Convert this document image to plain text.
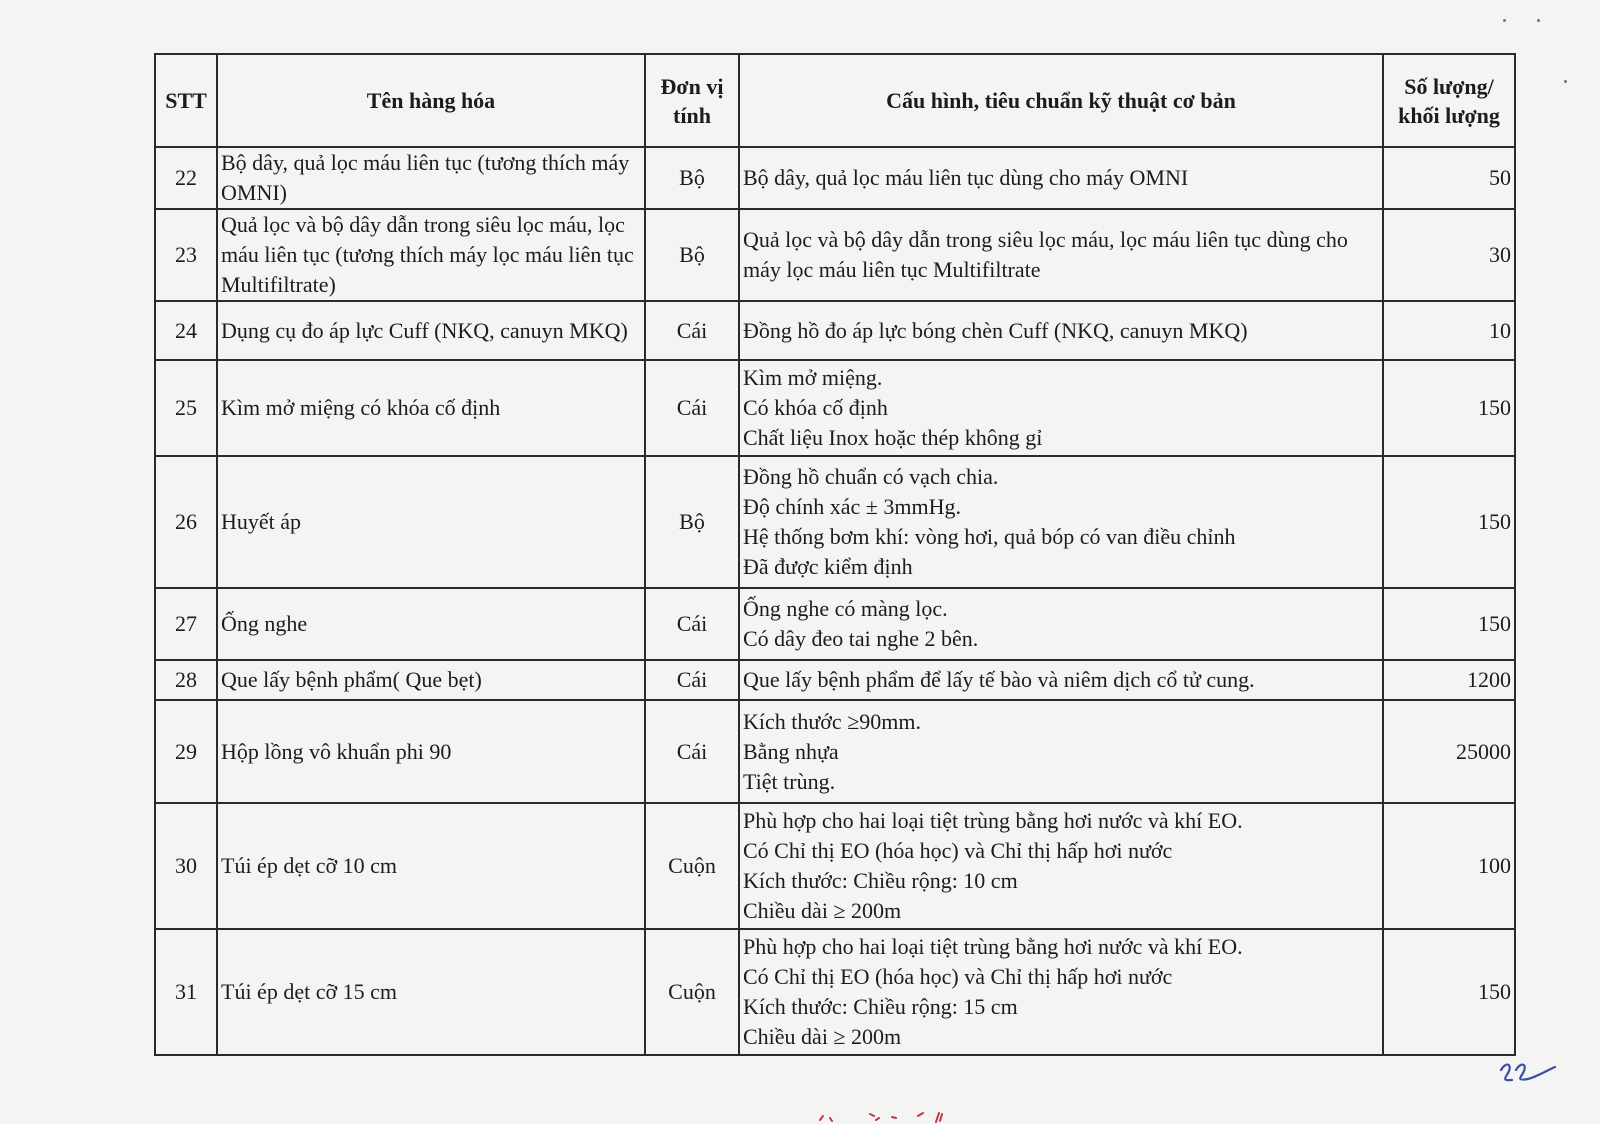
STT	Tên hàng hóa	Đơn vị tính	Cấu hình, tiêu chuẩn kỹ thuật cơ bản	Số lượng/ khối lượng
22	Bộ dây, quả lọc máu liên tục (tương thích máy OMNI)	Bộ	Bộ dây, quả lọc máu liên tục dùng cho máy OMNI	50
23	Quả lọc và bộ dây dẫn trong siêu lọc máu, lọc máu liên tục (tương thích máy lọc máu liên tục Multifiltrate)	Bộ	Quả lọc và bộ dây dẫn trong siêu lọc máu, lọc máu liên tục dùng cho máy lọc máu liên tục Multifiltrate	30
24	Dụng cụ đo áp lực Cuff (NKQ, canuyn MKQ)	Cái	Đồng hồ đo áp lực bóng chèn Cuff (NKQ, canuyn MKQ)	10
25	Kìm mở miệng có khóa cố định	Cái	Kìm mở miệng.
Có khóa cố định
Chất liệu Inox hoặc thép không gỉ	150
26	Huyết áp	Bộ	Đồng hồ chuẩn có vạch chia.
Độ chính xác ± 3mmHg.
Hệ thống bơm khí: vòng hơi, quả bóp có van điều chỉnh
Đã được kiểm định	150
27	Ống nghe	Cái	Ống nghe có màng lọc.
Có dây đeo tai nghe 2 bên.	150
28	Que lấy bệnh phẩm( Que bẹt)	Cái	Que lấy bệnh phẩm để lấy tế bào và niêm dịch cổ tử cung.	1200
29	Hộp lồng vô khuẩn phi 90	Cái	Kích thước ≥90mm.
Bằng nhựa
Tiệt trùng.	25000
30	Túi ép dẹt cỡ 10 cm	Cuộn	Phù hợp cho hai loại tiệt trùng bằng hơi nước và khí EO.
Có Chỉ thị EO (hóa học) và Chỉ thị hấp hơi nước
Kích thước: Chiều rộng: 10 cm
Chiều dài ≥ 200m	100
31	Túi ép dẹt cỡ 15 cm	Cuộn	Phù hợp cho hai loại tiệt trùng bằng hơi nước và khí EO.
Có Chỉ thị EO (hóa học) và Chỉ thị hấp hơi nước
Kích thước: Chiều rộng: 15 cm
Chiều dài ≥ 200m	150
